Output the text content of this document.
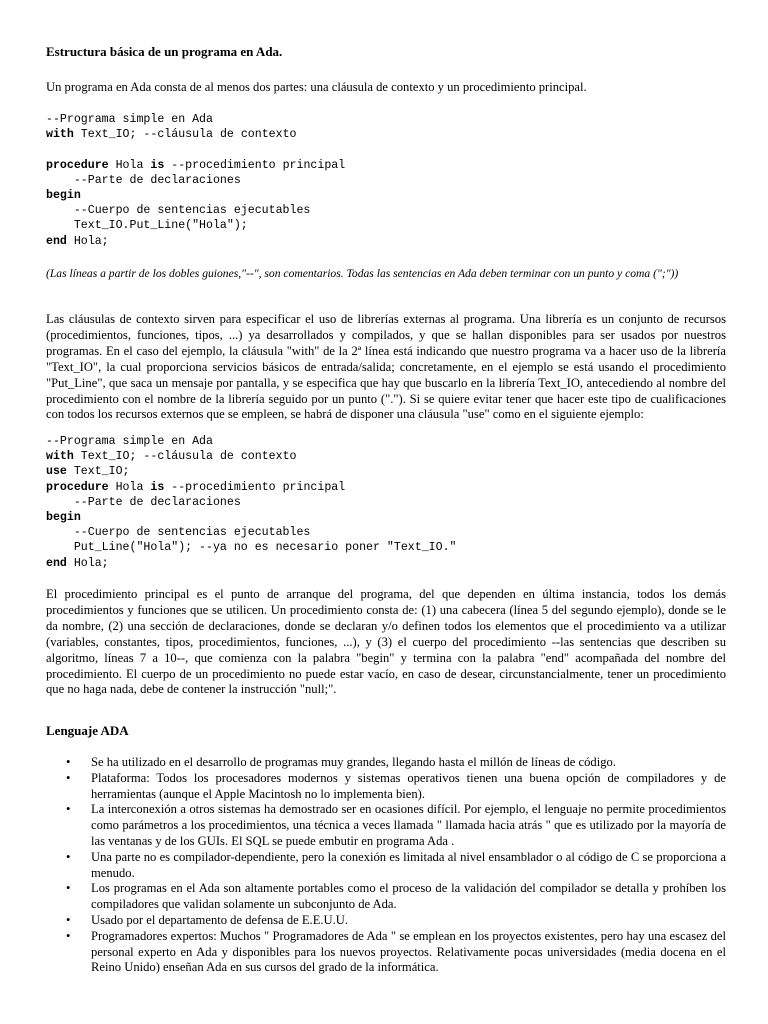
Estructura básica de un programa en Ada.

Un programa en Ada consta de al menos dos partes: una cláusula de contexto y un procedimiento principal.

--Programa simple en Ada
with Text_IO; --cláusula de contexto

procedure Hola is --procedimiento principal
--Parte de declaraciones
begin
--Cuerpo de sentencias ejecutables
Text_IO.Put_Line("Hola");
end Hola;

(Las líneas a partir de los dobles guiones,"--", son comentarios. Todas las sentencias en Ada deben terminar con un punto y coma (";"))

Las cláusulas de contexto sirven para especificar el uso de librerías externas al programa. Una librería es un conjunto de recursos (procedimientos, funciones, tipos, ...) ya desarrollados y compilados, y que se hallan disponibles para ser usados por nuestros programas. En el caso del ejemplo, la cláusula "with" de la 2ª línea está indicando que nuestro programa va a hacer uso de la librería "Text_IO", la cual proporciona servicios básicos de entrada/salida; concretamente, en el ejemplo se está usando el procedimiento "Put_Line", que saca un mensaje por pantalla, y se especifica que hay que buscarlo en la librería Text_IO, antecediendo al nombre del procedimiento con el nombre de la librería seguido por un punto ("."). Si se quiere evitar tener que hacer este tipo de cualificaciones con todos los recursos externos que se empleen, se habrá de disponer una cláusula "use" como en el siguiente ejemplo:

--Programa simple en Ada
with Text_IO; --cláusula de contexto
use Text_IO;
procedure Hola is --procedimiento principal
--Parte de declaraciones
begin
--Cuerpo de sentencias ejecutables
Put_Line("Hola"); --ya no es necesario poner "Text_IO."
end Hola;

El procedimiento principal es el punto de arranque del programa, del que dependen en última instancia, todos los demás procedimientos y funciones que se utilicen. Un procedimiento consta de: (1) una cabecera (línea 5 del segundo ejemplo), donde se le da nombre, (2) una sección de declaraciones, donde se declaran y/o definen todos los elementos que el procedimiento va a utilizar (variables, constantes, tipos, procedimientos, funciones, ...), y (3) el cuerpo del procedimiento --las sentencias que describen su algoritmo, líneas 7 a 10--, que comienza con la palabra "begin" y termina con la palabra "end" acompañada del nombre del procedimiento. El cuerpo de un procedimiento no puede estar vacío, en caso de desear, circunstancialmente, tener un procedimiento que no haga nada, debe de contener la instrucción "null;".

Lenguaje ADA
• Se ha utilizado en el desarrollo de programas muy grandes, llegando hasta el millón de líneas de código.
• Plataforma: Todos los procesadores modernos y sistemas operativos tienen una buena opción de compiladores y de herramientas (aunque el Apple Macintosh no lo implementa bien).
• La interconexión a otros sistemas ha demostrado ser en ocasiones difícil. Por ejemplo, el lenguaje no permite procedimientos como parámetros a los procedimientos, una técnica a veces llamada " llamada hacia atrás " que es utilizado por la mayoría de las ventanas y de los GUIs. El SQL se puede embutir en programa Ada .
• Una parte no es compilador-dependiente, pero la conexión es limitada al nivel ensamblador o al código de C se proporciona a menudo.
• Los programas en el Ada son altamente portables como el proceso de la validación del compilador se detalla y prohíben los compiladores que validan solamente un subconjunto de Ada.
• Usado por el departamento de defensa de E.E.U.U.
• Programadores expertos: Muchos " Programadores de Ada " se emplean en los proyectos existentes, pero hay una escasez del personal experto en Ada y disponibles para los nuevos proyectos. Relativamente pocas universidades (media docena en el Reino Unido) enseñan Ada en sus cursos del grado de la informática.
